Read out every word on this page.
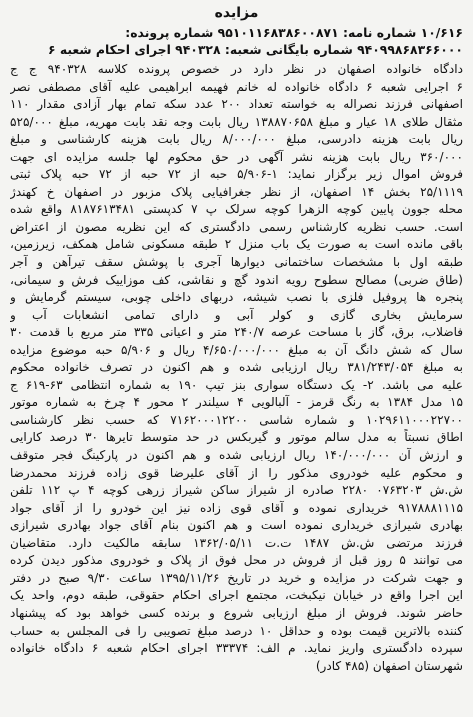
مزایده
۱۰/۶۱۶ شماره نامه: ۹۵۱۰۱۱۶۸۳۸۶۰۰۸۷۱ شماره پرونده:
۹۴۰۹۹۸۶۸۳۶۶۰۰۰ شماره بایگانی شعبه: ۹۴۰۳۲۸ اجرای احکام شعبه ۶
دادگاه خانواده اصفهان در نظر دارد در خصوص پرونده کلاسه ۹۴۰۳۲۸ ج ج
۶ اجرایی شعبه ۶ دادگاه خانواده له خانم فهیمه ابراهیمی علیه آقای مصطفی نصر
اصفهانی فرزند نصراله به خواسته تعداد ۲۰۰ عدد سکه تمام بهار آزادی مقدار ۱۱۰
مثقال طلای ۱۸ عیار و مبلغ ۱۳۸۸۷۰۶۵۸ ریال بابت وجه نقد بابت مهریه، مبلغ ۵۲۵/۰۰۰
ریال بابت هزینه دادرسی، مبلغ ۸/۰۰۰/۰۰۰ ریال بابت هزینه کارشناسی و مبلغ
۳۶۰/۰۰۰ ریال بابت هزینه نشر آگهی در حق محکوم لها جلسه مزایده ای جهت
فروش اموال زیر برگزار نماید: ۱-۵/۹۰۶ حبه از ۷۲ حبه از ۷۲ حبه پلاک ثبتی
۲۵/۱۱۱۹ بخش ۱۴ اصفهان، از نظر جغرافیایی پلاک مزبور در اصفهان خ کهندژ
محله جوون پایین کوچه الزهرا کوچه سرلک پ ۷ کدپستی ۸۱۸۷۶۱۳۴۸۱ واقع شده
است. حسب نظریه کارشناس رسمی دادگستری که این نظریه مصون از اعتراض
باقی مانده است به صورت یک باب منزل ۲ طبقه مسکونی شامل همکف، زیرزمین،
طبقه اول با مشخصات ساختمانی دیوارها آجری با پوشش سقف تیرآهن و آجر
(طاق ضربی) مصالح سطوح رویه اندود گچ و نقاشی، کف موزاییک فرش و سیمانی،
پنجره ها پروفیل فلزی با نصب شیشه، دربهای داخلی چوبی، سیستم گرمایش و
سرمایش بخاری گازی و کولر آبی و دارای تمامی انشعابات آب و
فاضلاب، برق، گاز با مساحت عرصه ۲۴۰/۷ متر و اعیانی ۳۳۵ متر مربع با قدمت ۳۰
سال که شش دانگ آن به مبلغ ۴/۶۵۰/۰۰۰/۰۰۰ ریال و ۵/۹۰۶ حبه موضوع مزایده
به مبلغ ۳۸۱/۲۴۳/۰۵۴ ریال ارزیابی شده و هم اکنون در تصرف خانواده محکوم
علیه می باشد. ۲- یک دستگاه سواری بنز تیپ ۱۹۰ به شماره انتظامی ۶۳-۶۱۹ ج
۱۵ مدل ۱۳۸۴ به رنگ قرمز - آلبالویی ۴ سیلندر ۲ محور ۴ چرخ به شماره موتور
۱۰۲۹۶۱۱۰۰۰۲۲۷۰۰ و شماره شاسی ۷۱۶۲۰۰۰۱۲۲۰۰ که حسب نظر کارشناسی
اطاق نسبتاً به مدل سالم موتور و گیربکس در حد متوسط تایرها ۳۰ درصد کارایی
و ارزش آن ۱۴۰/۰۰۰/۰۰۰ ریال ارزیابی شده و هم اکنون در پارکینگ فجر متوقف
و محکوم علیه خودروی مذکور را از آقای علیرضا قوی زاده فرزند محمدرضا
ش.ش ۰۷۶۳۲۰۳ ۲۲۸۰ صادره از شیراز ساکن شیراز زرهی کوچه ۴ پ ۱۱۲ تلفن
۹۱۷۸۸۸۱۱۱۵ خریداری نموده و آقای قوی زاده نیز این خودرو را از آقای جواد
بهادری شیرازی خریداری نموده است و هم اکنون بنام آقای جواد بهادری شیرازی
فرزند مرتضی ش.ش ۱۴۸۷ ت.ت ۱۳۶۲/۰۵/۱۱ سابقه مالکیت دارد. متقاضیان
می توانند ۵ روز قبل از فروش در محل فوق از پلاک و خودروی مذکور دیدن کرده
و جهت شرکت در مزایده و خرید در تاریخ ۱۳۹۵/۱۱/۲۶ ساعت ۹/۳۰ صبح در دفتر
این اجرا واقع در خیابان نیکبخت، مجتمع اجرای احکام حقوقی، طبقه دوم، واحد یک
حاضر شوند. فروش از مبلغ ارزیابی شروع و برنده کسی خواهد بود که پیشنهاد
کننده بالاترین قیمت بوده و حداقل ۱۰ درصد مبلغ تصویبی را فی المجلس به حساب
سپرده دادگستری واریز نماید. م الف: ۳۳۳۷۴ اجرای احکام شعبه ۶ دادگاه خانواده
شهرستان اصفهان (۴۸۵ کادر)
